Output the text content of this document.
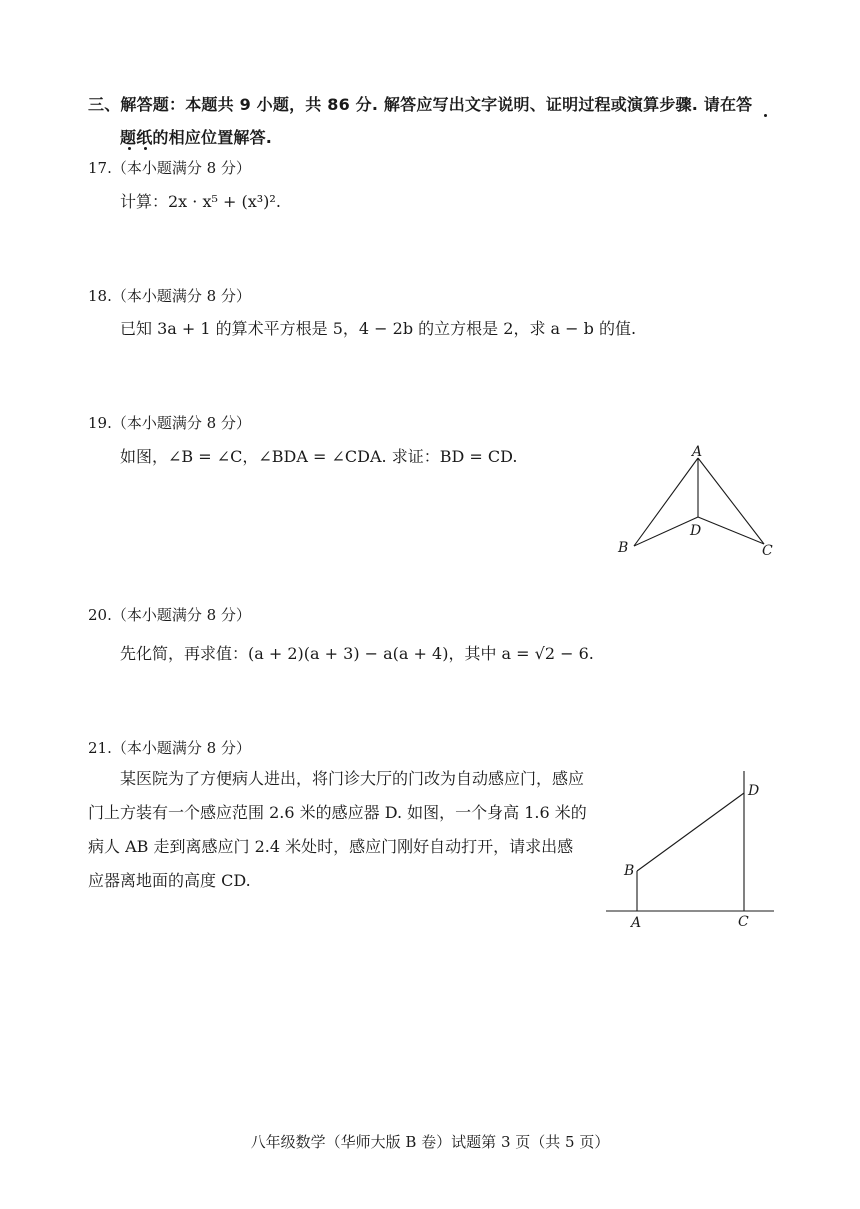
三、解答题：本题共 9 小题，共 86 分. 解答应写出文字说明、证明过程或演算步骤. 请在答
题纸的相应位置解答.
17.（本小题满分 8 分）
计算：2x · x⁵ + (x³)².
18.（本小题满分 8 分）
已知 3a + 1 的算术平方根是 5，4 − 2b 的立方根是 2，求 a − b 的值.
19.（本小题满分 8 分）
如图，∠B = ∠C，∠BDA = ∠CDA. 求证：BD = CD.	A
B	C
D
20.（本小题满分 8 分）
先化简，再求值：(a + 2)(a + 3) − a(a + 4)，其中 a = √2 − 6.
21.（本小题满分 8 分）
某医院为了方便病人进出，将门诊大厅的门改为自动感应门，感应门上方装有一个感应范围 2.6 米的感应器 D. 如图，一个身高 1.6 米的病人 AB 走到离感应门 2.4 米处时，感应门刚好自动打开，请求出感应器离地面的高度 CD.
A
B
C
D
八年级数学（华师大版 B 卷）试题第 3 页（共 5 页）
